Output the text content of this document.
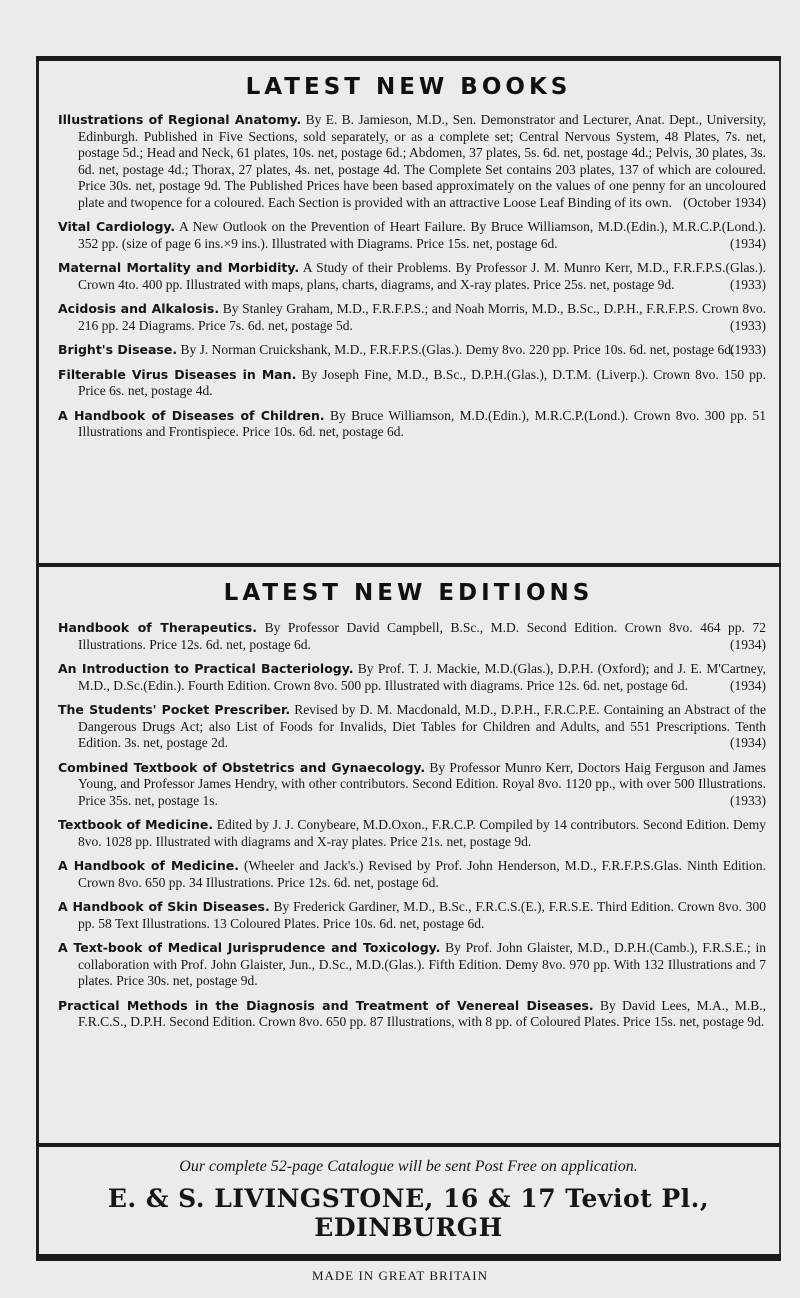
LATEST NEW BOOKS

Illustrations of Regional Anatomy. By E. B. Jamieson, M.D., Sen. Demonstrator and Lecturer, Anat. Dept., University, Edinburgh. Published in Five Sections, sold separately, or as a complete set; Central Nervous System, 48 Plates, 7s. net, postage 5d.; Head and Neck, 61 plates, 10s. net, postage 6d.; Abdomen, 37 plates, 5s. 6d. net, postage 4d.; Pelvis, 30 plates, 3s. 6d. net, postage 4d.; Thorax, 27 plates, 4s. net, postage 4d. The Complete Set contains 203 plates, 137 of which are coloured. Price 30s. net, postage 9d. The Published Prices have been based approximately on the values of one penny for an uncoloured plate and twopence for a coloured. Each Section is provided with an attractive Loose Leaf Binding of its own. (October 1934)

Vital Cardiology. A New Outlook on the Prevention of Heart Failure. By Bruce Williamson, M.D.(Edin.), M.R.C.P.(Lond.). 352 pp. (size of page 6 ins.×9 ins.). Illustrated with Diagrams. Price 15s. net, postage 6d.	(1934)

Maternal Mortality and Morbidity. A Study of their Problems. By Professor J. M. Munro Kerr, M.D., F.R.F.P.S.(Glas.). Crown 4to. 400 pp. Illustrated with maps, plans, charts, diagrams, and X-ray plates. Price 25s. net, postage 9d.	(1933)

Acidosis and Alkalosis. By Stanley Graham, M.D., F.R.F.P.S.; and Noah Morris, M.D., B.Sc., D.P.H., F.R.F.P.S. Crown 8vo. 216 pp. 24 Diagrams. Price 7s. 6d. net, postage 5d.	(1933)

Bright's Disease. By J. Norman Cruickshank, M.D., F.R.F.P.S.(Glas.). Demy 8vo. 220 pp. Price 10s. 6d. net, postage 6d.
(1933)

Filterable Virus Diseases in Man. By Joseph Fine, M.D., B.Sc., D.P.H.(Glas.), D.T.M. (Liverp.). Crown 8vo. 150 pp. Price 6s. net, postage 4d.

A Handbook of Diseases of Children. By Bruce Williamson, M.D.(Edin.), M.R.C.P.(Lond.). Crown 8vo. 300 pp. 51 Illustrations and Frontispiece. Price 10s. 6d. net, postage 6d.

LATEST NEW EDITIONS

Handbook of Therapeutics. By Professor David Campbell, B.Sc., M.D. Second Edition. Crown 8vo. 464 pp. 72 Illustrations. Price 12s. 6d. net, postage 6d.	(1934)

An Introduction to Practical Bacteriology. By Prof. T. J. Mackie, M.D.(Glas.), D.P.H. (Oxford); and J. E. M'Cartney, M.D., D.Sc.(Edin.). Fourth Edition. Crown 8vo. 500 pp. Illustrated with diagrams. Price 12s. 6d. net, postage 6d.	(1934)

The Students' Pocket Prescriber. Revised by D. M. Macdonald, M.D., D.P.H., F.R.C.P.E. Containing an Abstract of the Dangerous Drugs Act; also List of Foods for Invalids, Diet Tables for Children and Adults, and 551 Prescriptions. Tenth Edition. 3s. net, postage 2d.	(1934)

Combined Textbook of Obstetrics and Gynaecology. By Professor Munro Kerr, Doctors Haig Ferguson and James Young, and Professor James Hendry, with other contributors. Second Edition. Royal 8vo. 1120 pp., with over 500 Illustrations. Price 35s. net, postage 1s.	(1933)

Textbook of Medicine. Edited by J. J. Conybeare, M.D.Oxon., F.R.C.P. Compiled by 14 contributors. Second Edition. Demy 8vo. 1028 pp. Illustrated with diagrams and X-ray plates. Price 21s. net, postage 9d.

A Handbook of Medicine. (Wheeler and Jack's.) Revised by Prof. John Henderson, M.D., F.R.F.P.S.Glas. Ninth Edition. Crown 8vo. 650 pp. 34 Illustrations. Price 12s. 6d. net, postage 6d.

A Handbook of Skin Diseases. By Frederick Gardiner, M.D., B.Sc., F.R.C.S.(E.), F.R.S.E. Third Edition. Crown 8vo. 300 pp. 58 Text Illustrations. 13 Coloured Plates. Price 10s. 6d. net, postage 6d.

A Text-book of Medical Jurisprudence and Toxicology. By Prof. John Glaister, M.D., D.P.H.(Camb.), F.R.S.E.; in collaboration with Prof. John Glaister, Jun., D.Sc., M.D.(Glas.). Fifth Edition. Demy 8vo. 970 pp. With 132 Illustrations and 7 plates. Price 30s. net, postage 9d.

Practical Methods in the Diagnosis and Treatment of Venereal Diseases. By David Lees, M.A., M.B., F.R.C.S., D.P.H. Second Edition. Crown 8vo. 650 pp. 87 Illustrations, with 8 pp. of Coloured Plates. Price 15s. net, postage 9d.

Our complete 52-page Catalogue will be sent Post Free on application.
E. & S. LIVINGSTONE, 16 & 17 Teviot Pl., EDINBURGH
MADE IN GREAT BRITAIN
